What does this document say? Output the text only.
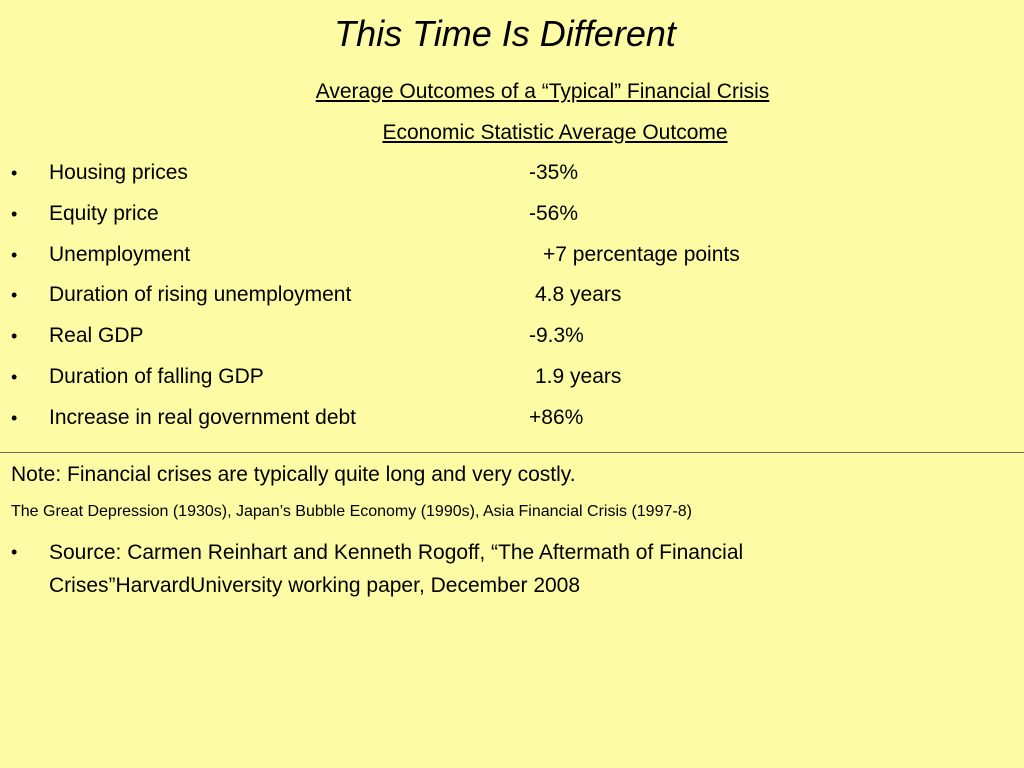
This Time Is Different
Average Outcomes of a “Typical” Financial Crisis
Economic Statistic Average Outcome
• Housing prices	-35%
• Equity price	-56%
• Unemployment	+7 percentage points
• Duration of rising unemployment	4.8 years
• Real GDP	-9.3%
• Duration of falling GDP	1.9 years
• Increase in real government debt	+86%
Note: Financial crises are typically quite long and very costly.
The Great Depression (1930s), Japan’s Bubble Economy (1990s), Asia Financial Crisis (1997-8)
• Source: Carmen Reinhart and Kenneth Rogoff, “The Aftermath of Financial
Crises”HarvardUniversity working paper, December 2008
